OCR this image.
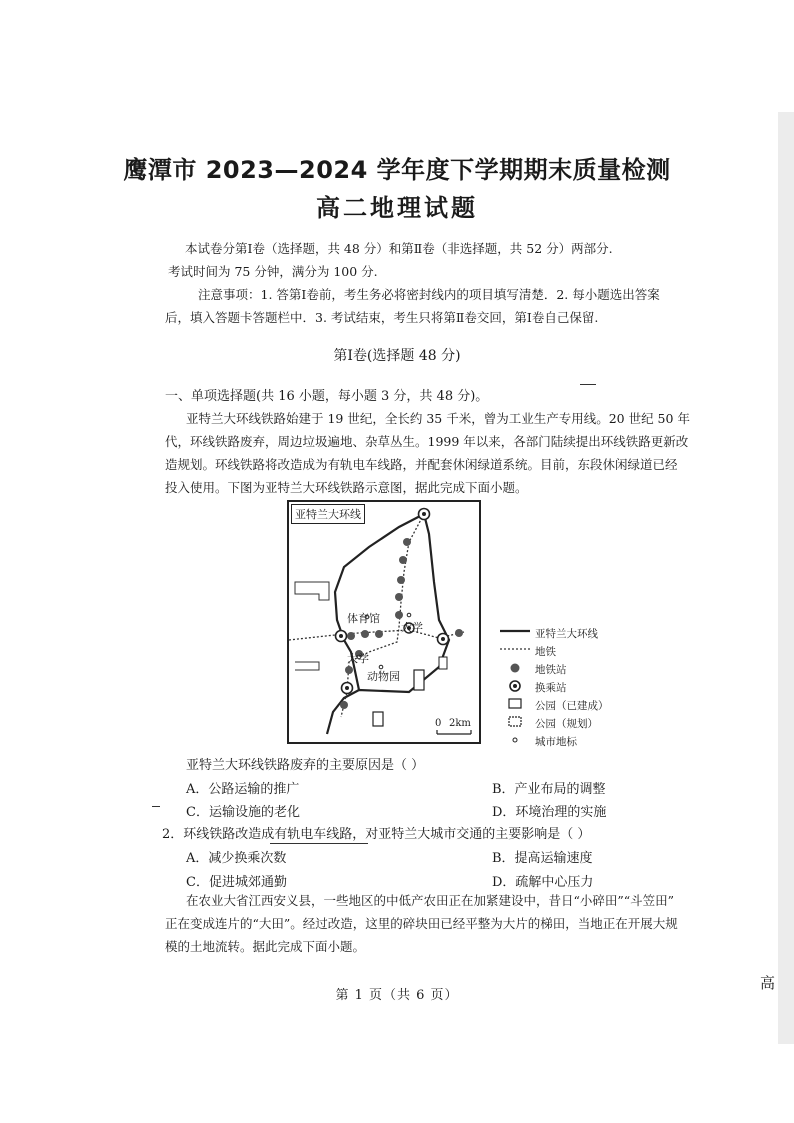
高
鹰潭市 2023—2024 学年度下学期期末质量检测
高二地理试题
本试卷分第Ⅰ卷（选择题，共 48 分）和第Ⅱ卷（非选择题，共 52 分）两部分.
考试时间为 75 分钟，满分为 100 分.
注意事项：1. 答第Ⅰ卷前，考生务必将密封线内的项目填写清楚．2. 每小题选出答案
后，填入答题卡答题栏中．3. 考试结束，考生只将第Ⅱ卷交回，第Ⅰ卷自己保留.
第Ⅰ卷(选择题 48 分)
一、单项选择题(共 16 小题，每小题 3 分，共 48 分)。
亚特兰大环线铁路始建于 19 世纪，全长约 35 千米，曾为工业生产专用线。20 世纪 50 年
代，环线铁路废弃，周边垃圾遍地、杂草丛生。1999 年以来，各部门陆续提出环线铁路更新改
造规划。环线铁路将改造成为有轨电车线路，并配套休闲绿道系统。目前，东段休闲绿道已经
投入使用。下图为亚特兰大环线铁路示意图，据此完成下面小题。
亚特兰大环线
体育馆
大学
大学
动物园
0 2km
亚特兰大环线
地铁
地铁站
换乘站
公园（已建成）
公园（规划）
城市地标
亚特兰大环线铁路废弃的主要原因是（ ）
A．公路运输的推广	B．产业布局的调整
C．运输设施的老化	D．环境治理的实施
2．环线铁路改造成有轨电车线路，对亚特兰大城市交通的主要影响是（ ）
A．减少换乘次数	B．提高运输速度
C．促进城郊通勤	D．疏解中心压力
在农业大省江西安义县，一些地区的中低产农田正在加紧建设中，昔日“小碎田”“斗笠田”
正在变成连片的“大田”。经过改造，这里的碎块田已经平整为大片的梯田，当地正在开展大规
模的土地流转。据此完成下面小题。
第 1 页（共 6 页）
